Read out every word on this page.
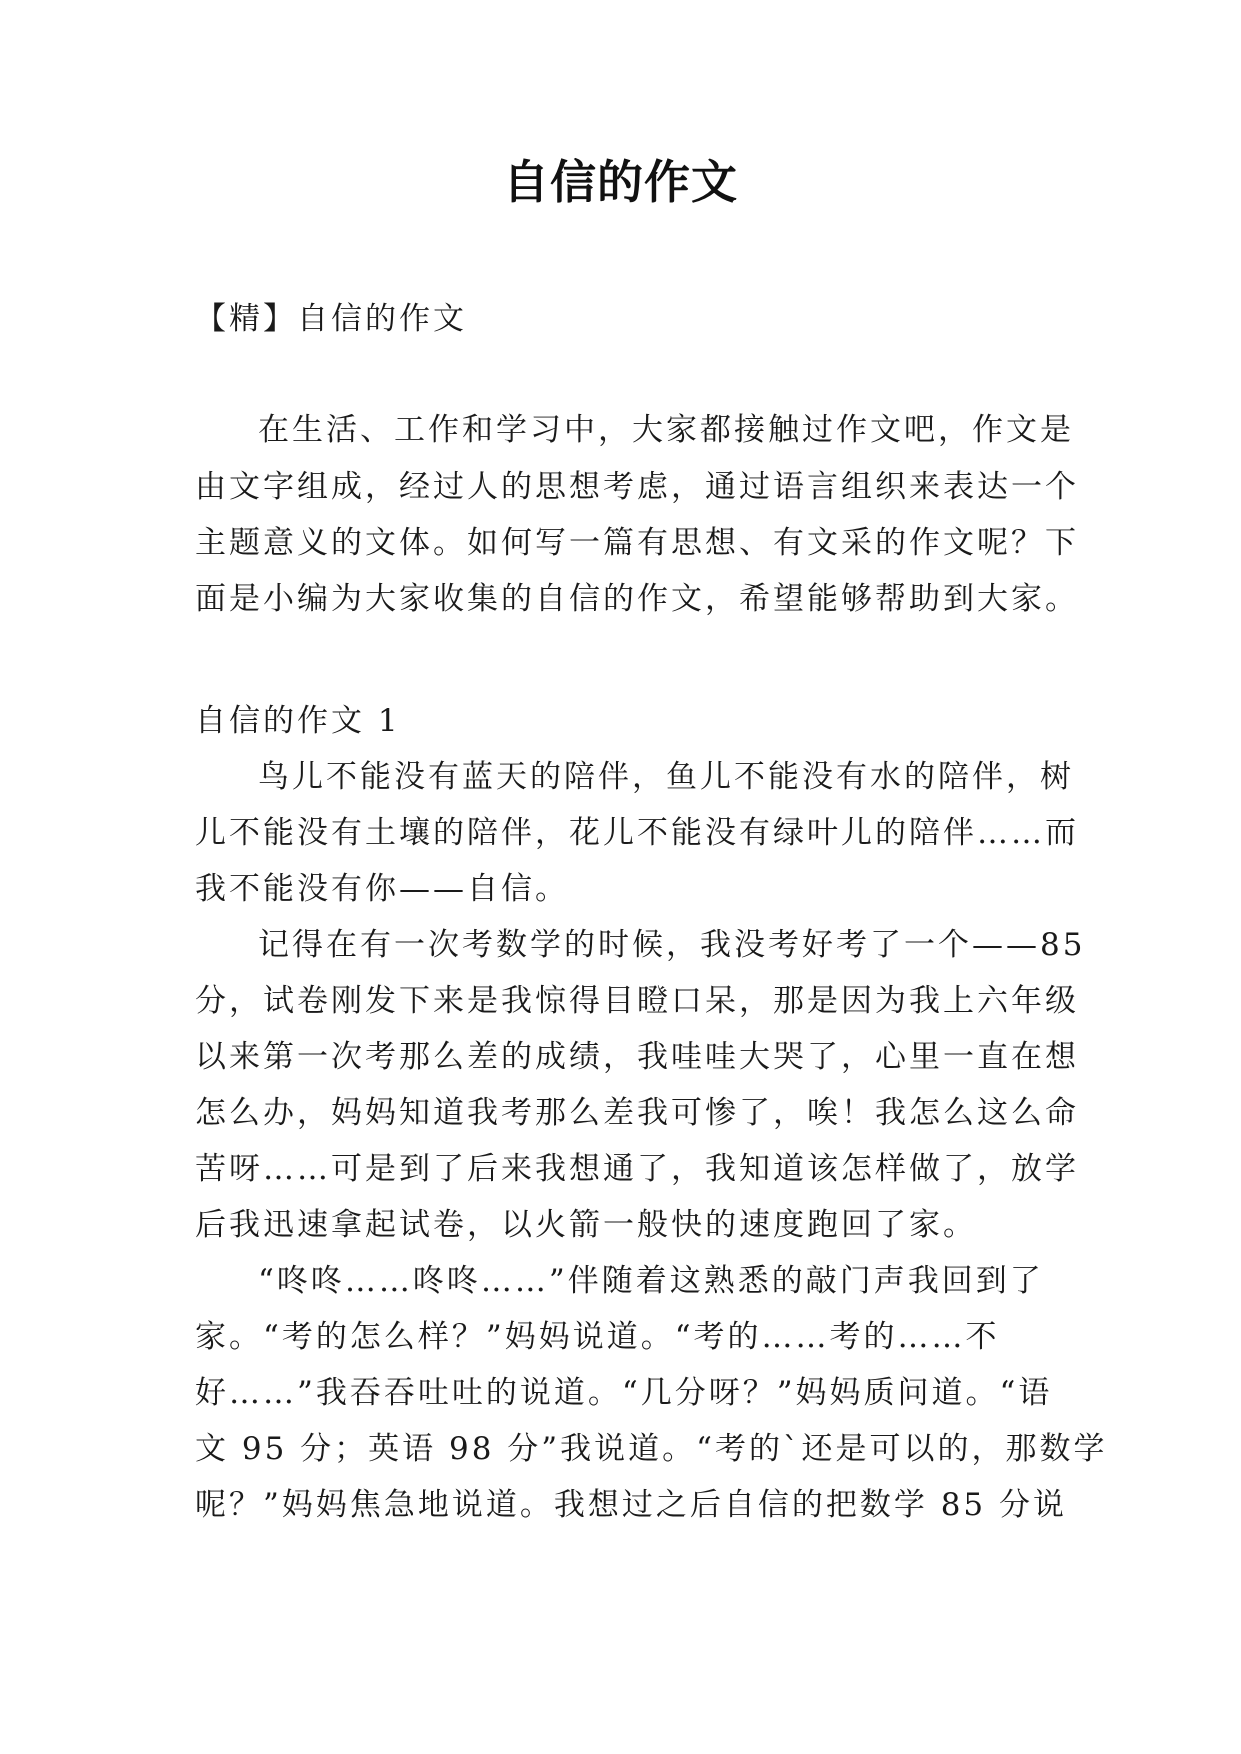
自信的作文
【精】自信的作文
在生活、工作和学习中，大家都接触过作文吧，作文是
由文字组成，经过人的思想考虑，通过语言组织来表达一个
主题意义的文体。如何写一篇有思想、有文采的作文呢？下
面是小编为大家收集的自信的作文，希望能够帮助到大家。
自信的作文 1
鸟儿不能没有蓝天的陪伴，鱼儿不能没有水的陪伴，树
儿不能没有土壤的陪伴，花儿不能没有绿叶儿的陪伴……而
我不能没有你——自信。
记得在有一次考数学的时候，我没考好考了一个——85
分，试卷刚发下来是我惊得目瞪口呆，那是因为我上六年级
以来第一次考那么差的成绩，我哇哇大哭了，心里一直在想
怎么办，妈妈知道我考那么差我可惨了，唉！我怎么这么命
苦呀……可是到了后来我想通了，我知道该怎样做了，放学
后我迅速拿起试卷，以火箭一般快的速度跑回了家。
“咚咚……咚咚……”伴随着这熟悉的敲门声我回到了
家。“考的怎么样？”妈妈说道。“考的……考的……不
好……”我吞吞吐吐的说道。“几分呀？”妈妈质问道。“语
文 95 分；英语 98 分”我说道。“考的`还是可以的，那数学
呢？”妈妈焦急地说道。我想过之后自信的把数学 85 分说
